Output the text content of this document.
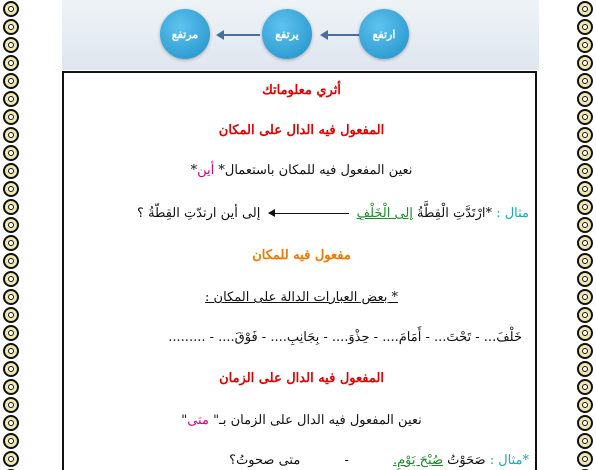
مرتفع	يرتفع	ارتفع
أثري معلوماتك
المفعول فيه الدال على المكان
نعين المفعول فيه للمكان باستعمال* أين*
مثال : *ارْتَدَّتِ الْقِطَّةُ إلى الْخَلْفِ  إلى أين ارتدّتِ القِطّةُ ؟
مفعول فيه للمكان
* بعض العبارات الدالة على المكان :
خَلْفَ... - تَحْتَ... - أَمَامَ.... - حِذْوَ.... - بِجَانِبِ.... - فَوْقَ.... - .........
المفعول فيه الدال على الزمان
نعين المفعول فيه الدال على الزمان بـ" متى"
*مثال : صَحَوْتُ صُبْحَ يَوْمٍ. - متى صحوتُ؟
